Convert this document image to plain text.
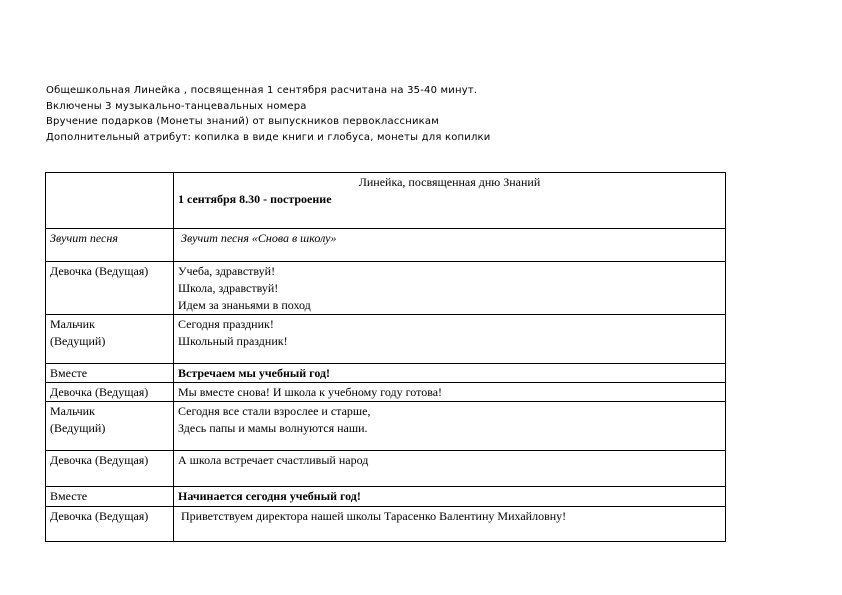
Общешкольная Линейка , посвященная 1 сентября расчитана на 35-40 минут.
Включены 3 музыкально-танцевальных номера
Вручение подарков (Монеты знаний) от выпускников первоклассникам
Дополнительный атрибут: копилка в виде книги и глобуса, монеты для копилки

	Линейка, посвященная дню Знаний
1 сентября 8.30 - построение

Звучит песня	Звучит песня «Снова в школу»

Девочка (Ведущая)	Учеба, здравствуй!
Школа, здравствуй!
Идем за знаньями в поход

Мальчик
(Ведущий)	Сегодня праздник!
Школьный праздник!

Вместе	Встречаем мы учебный год!
Девочка (Ведущая)	Мы вместе снова! И школа к учебному году готова!

Мальчик
(Ведущий)	Сегодня все стали взрослее и старше,
Здесь папы и мамы волнуются наши.

Девочка (Ведущая)	А школа встречает счастливый народ
Вместе	Начинается сегодня учебный год!
Девочка (Ведущая)	Приветствуем директора нашей школы Тарасенко Валентину Михайловну!
